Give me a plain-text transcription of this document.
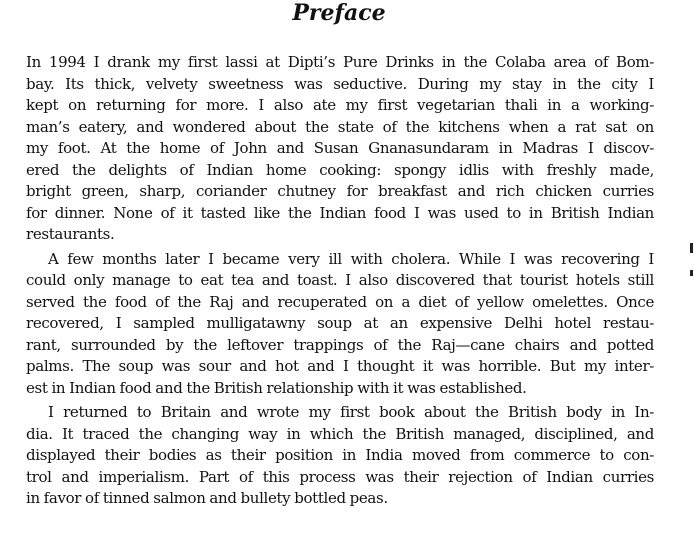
Preface
In 1994 I drank my first lassi at Dipti’s Pure Drinks in the Colaba area of Bom-
bay. Its thick, velvety sweetness was seductive. During my stay in the city I
kept on returning for more. I also ate my first vegetarian thali in a working-
man’s eatery, and wondered about the state of the kitchens when a rat sat on
my foot. At the home of John and Susan Gnanasundaram in Madras I discov-
ered the delights of Indian home cooking: spongy idlis with freshly made,
bright green, sharp, coriander chutney for breakfast and rich chicken curries
for dinner. None of it tasted like the Indian food I was used to in British Indian
restaurants.
A few months later I became very ill with cholera. While I was recovering I
could only manage to eat tea and toast. I also discovered that tourist hotels still
served the food of the Raj and recuperated on a diet of yellow omelettes. Once
recovered, I sampled mulligatawny soup at an expensive Delhi hotel restau-
rant, surrounded by the leftover trappings of the Raj—cane chairs and potted
palms. The soup was sour and hot and I thought it was horrible. But my inter-
est in Indian food and the British relationship with it was established.
I returned to Britain and wrote my first book about the British body in In-
dia. It traced the changing way in which the British managed, disciplined, and
displayed their bodies as their position in India moved from commerce to con-
trol and imperialism. Part of this process was their rejection of Indian curries
in favor of tinned salmon and bullety bottled peas.
